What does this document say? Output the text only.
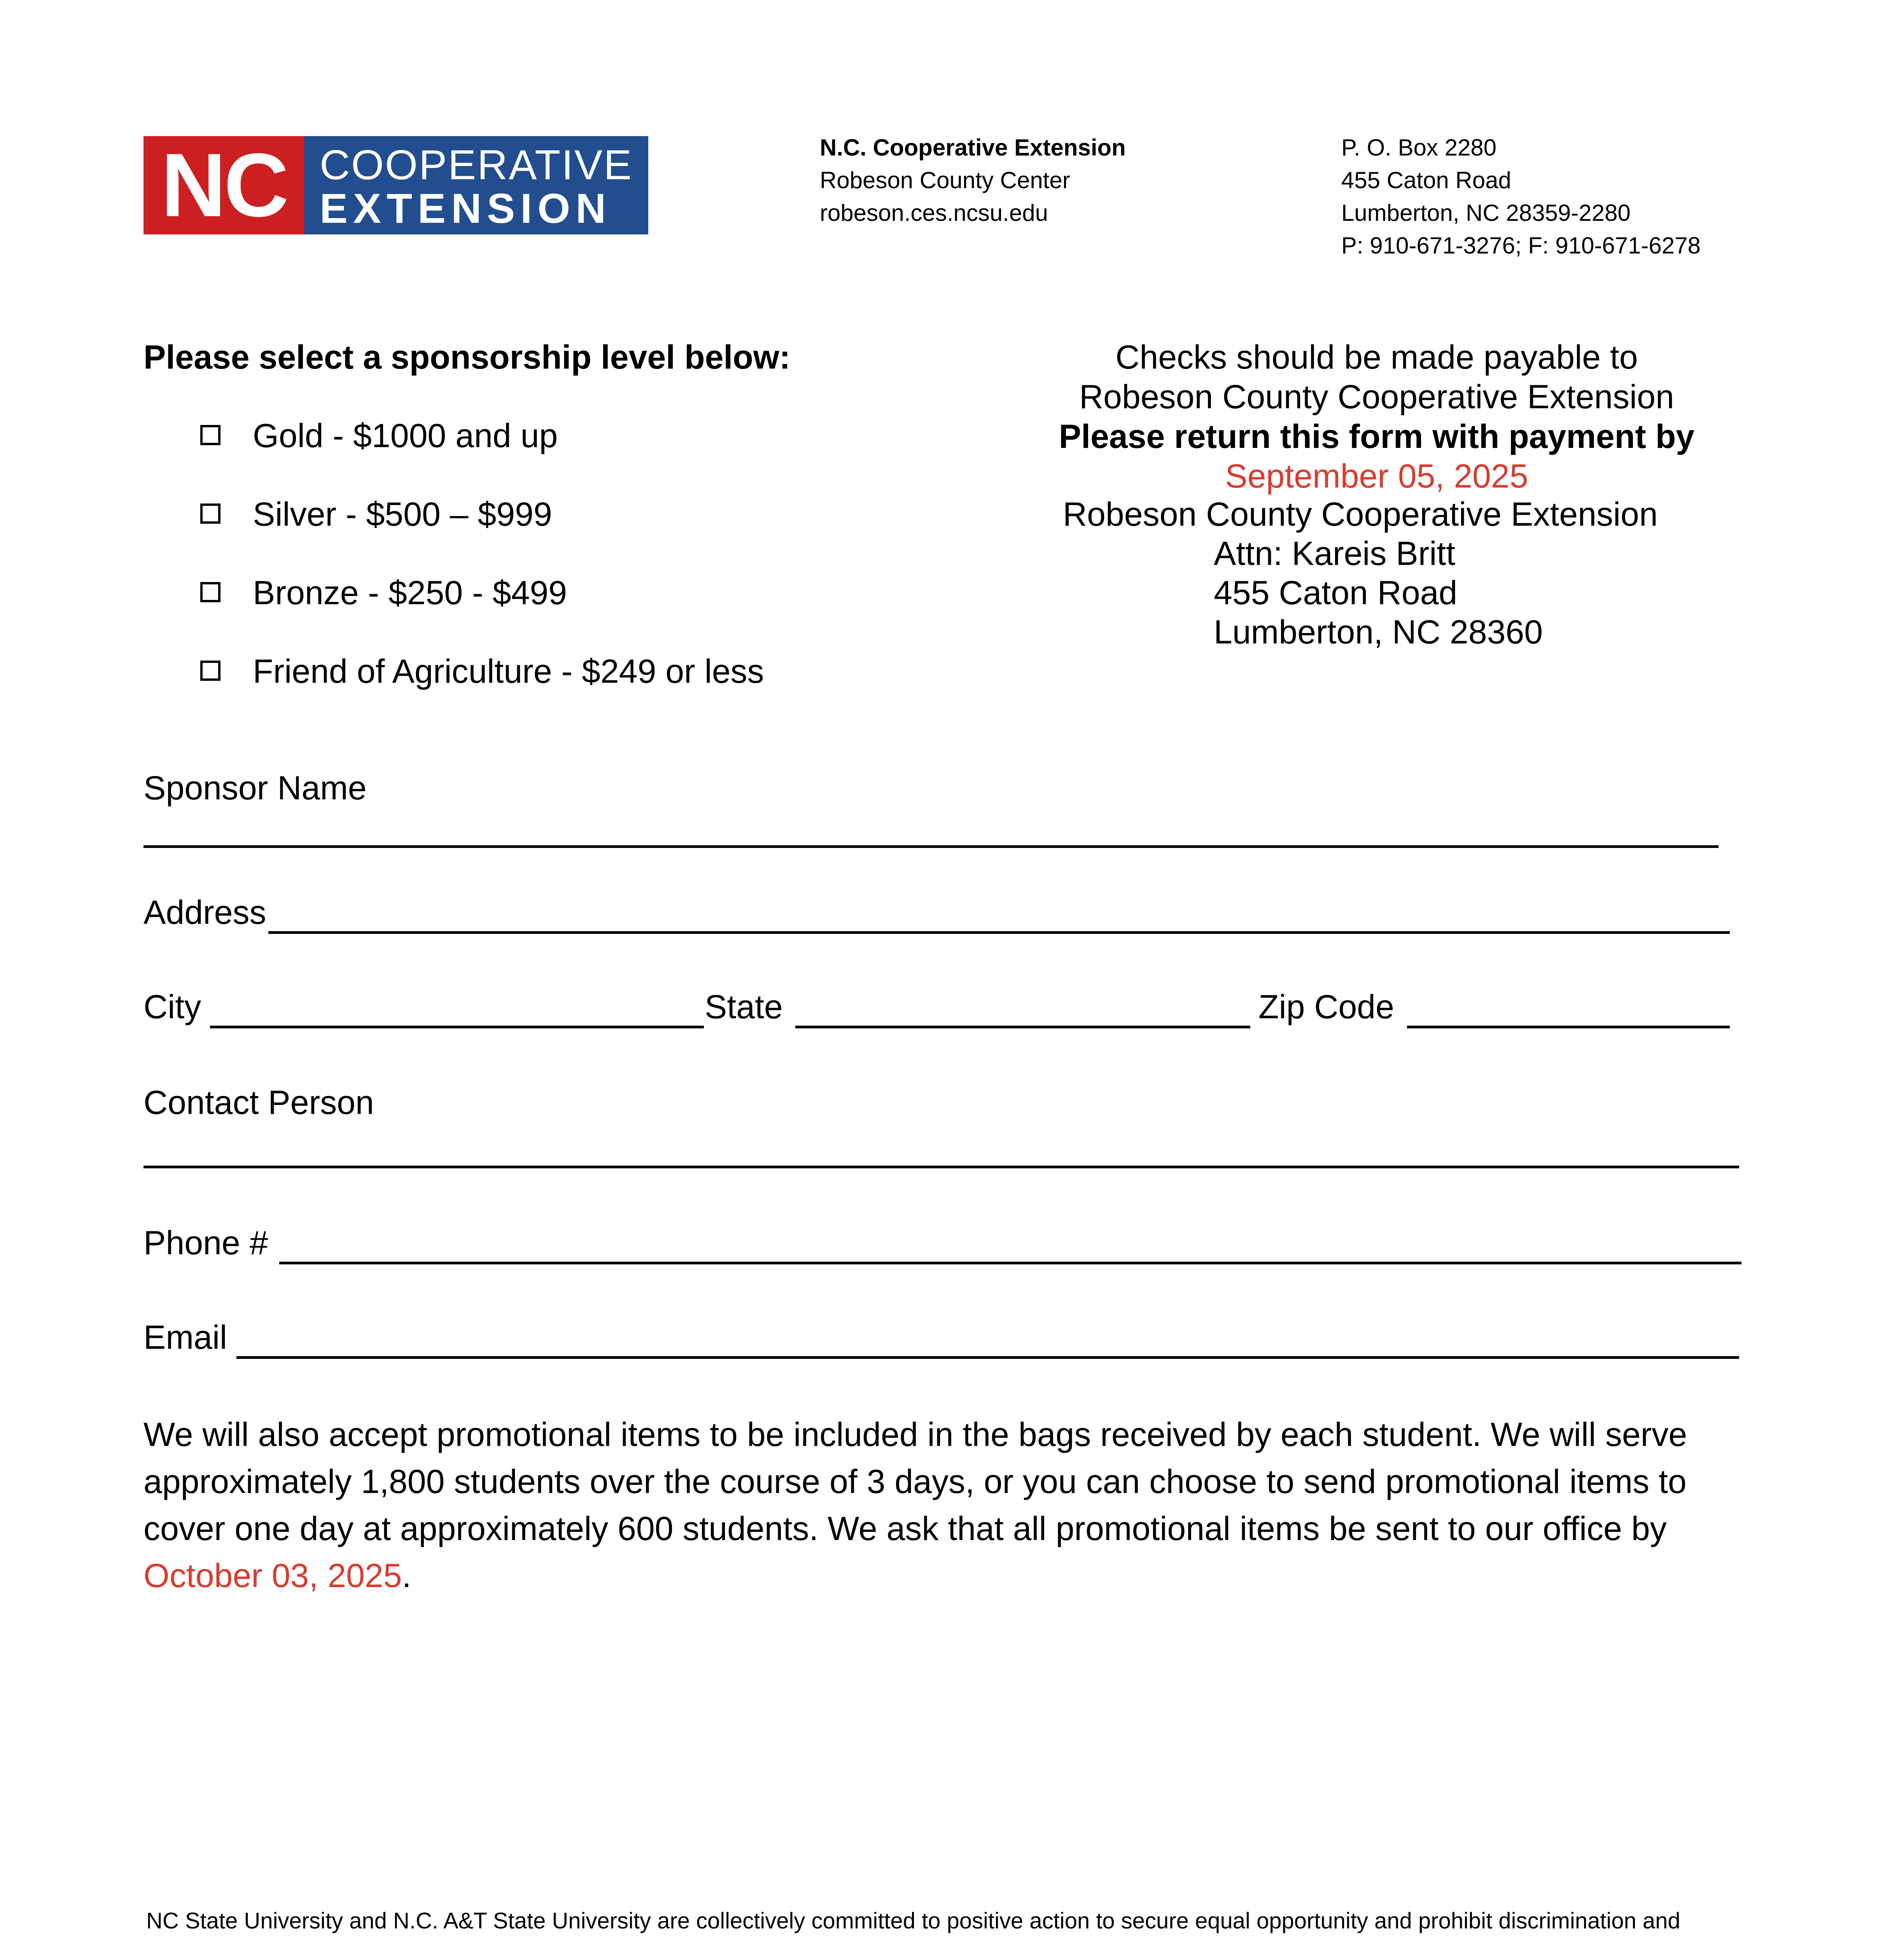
NC COOPERATIVE
EXTENSION
N.C. Cooperative Extension
Robeson County Center
robeson.ces.ncsu.edu
P. O. Box 2280
455 Caton Road
Lumberton, NC 28359-2280
P: 910-671-3276; F: 910-671-6278
Please select a sponsorship level below:
Gold - $1000 and up
Silver - $500 – $999
Bronze - $250 - $499
Friend of Agriculture - $249 or less
Checks should be made payable to
Robeson County Cooperative Extension
Please return this form with payment by
September 05, 2025
Robeson County Cooperative Extension
Attn: Kareis Britt
455 Caton Road
Lumberton, NC 28360
Sponsor Name
Address
City	State	Zip Code
Contact Person
Phone #
Email
We will also accept promotional items to be included in the bags received by each student. We will serve approximately 1,800 students over the course of 3 days, or you can choose to send promotional items to cover one day at approximately 600 students. We ask that all promotional items be sent to our office by October 03, 2025.
NC State University and N.C. A&T State University are collectively committed to positive action to secure equal opportunity and prohibit discrimination and
